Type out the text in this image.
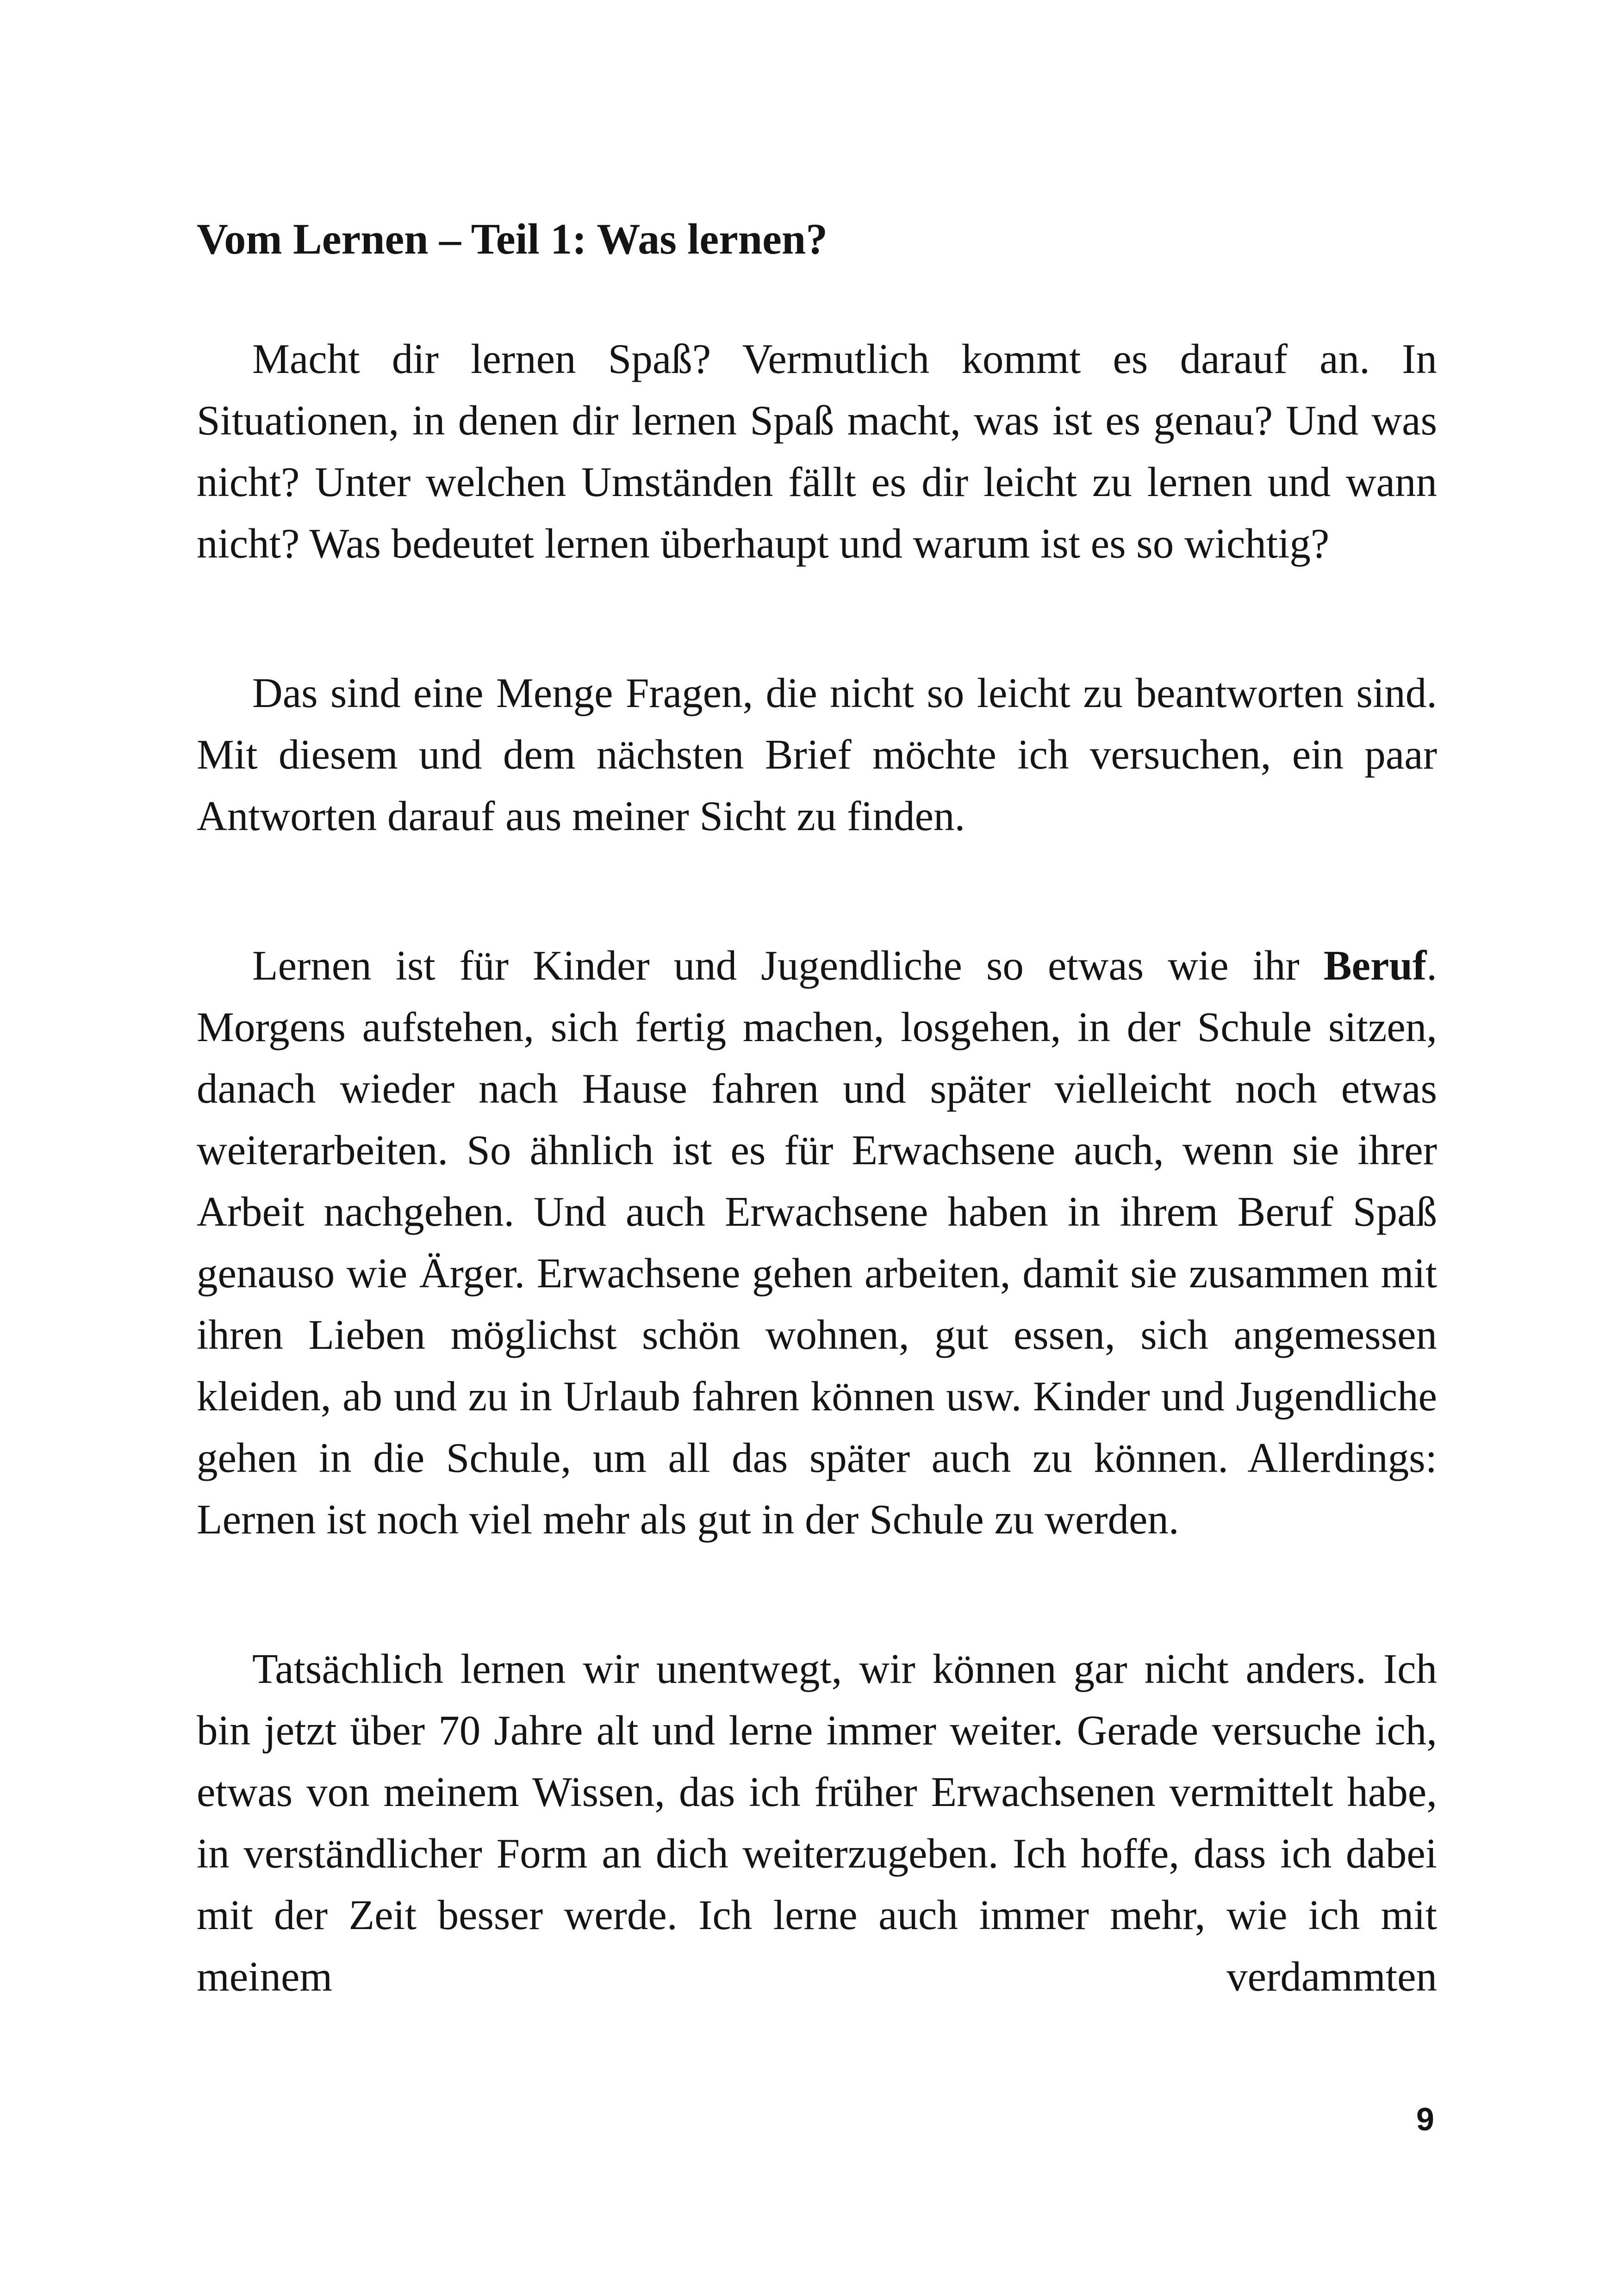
Vom Lernen – Teil 1: Was lernen?

Macht dir lernen Spaß? Vermutlich kommt es darauf an. In Situationen, in denen dir lernen Spaß macht, was ist es genau? Und was nicht? Unter welchen Umständen fällt es dir leicht zu lernen und wann nicht? Was bedeutet lernen überhaupt und warum ist es so wichtig?

Das sind eine Menge Fragen, die nicht so leicht zu beantworten sind. Mit diesem und dem nächsten Brief möchte ich versuchen, ein paar Antworten darauf aus meiner Sicht zu finden.

Lernen ist für Kinder und Jugendliche so etwas wie ihr Beruf. Morgens aufstehen, sich fertig machen, losgehen, in der Schule sitzen, danach wieder nach Hause fahren und später vielleicht noch etwas weiterarbeiten. So ähnlich ist es für Erwachsene auch, wenn sie ihrer Arbeit nachgehen. Und auch Erwachsene haben in ihrem Beruf Spaß genauso wie Ärger. Erwachsene gehen arbeiten, damit sie zusammen mit ihren Lieben möglichst schön wohnen, gut essen, sich angemessen kleiden, ab und zu in Urlaub fahren können usw. Kinder und Jugendliche gehen in die Schule, um all das später auch zu können. Allerdings: Lernen ist noch viel mehr als gut in der Schule zu werden.

Tatsächlich lernen wir unentwegt, wir können gar nicht anders. Ich bin jetzt über 70 Jahre alt und lerne immer weiter. Gerade versuche ich, etwas von meinem Wissen, das ich früher Erwachsenen vermittelt habe, in verständlicher Form an dich weiterzugeben. Ich hoffe, dass ich dabei mit der Zeit besser werde. Ich lerne auch immer mehr, wie ich mit meinem verdammten

9
